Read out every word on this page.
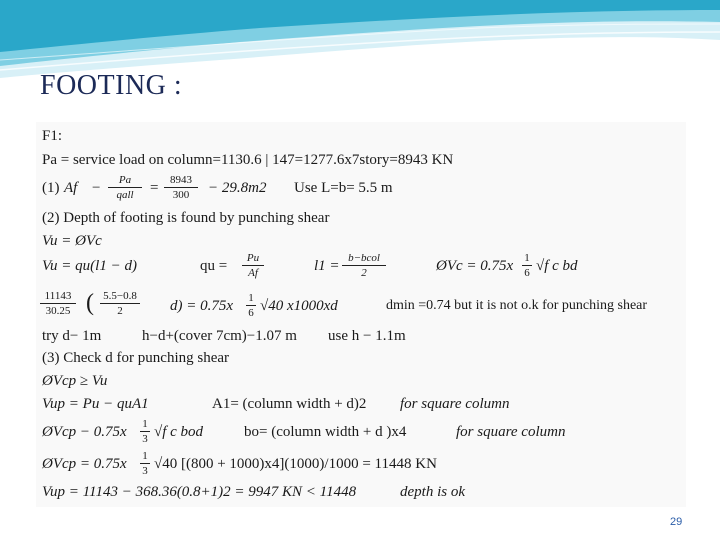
FOOTING :
F1:
Pa = service load on column=1130.6 | 147=1277.6x7story=8943 KN
(1) Af −	Pa
qall	=	8943
300	− 29.8m2 Use L=b= 5.5 m
(2) Depth of footing is found by punching shear
Vu = ØVc
Vu = qu(l1 − d)	qu =	Pu
Af	l1 = b−bcol
2	ØVc = 0.75x 1
6 √f c bd
11143
30.25 ( 5.5−0.8
2	d) = 0.75x 1
6 √40 x1000xd	dmin =0.74 but it is not o.k for punching shear
try d− 1m	h−d+(cover 7cm)−1.07 m use h − 1.1m
(3) Check d for punching shear
ØVcp ≥ Vu
Vup = Pu − quA1	A1= (column width + d)2 for square column
ØVcp − 0.75x 1
3 √f c bod	bo= (column width + d )x4	for square column
ØVcp = 0.75x 1
3 √40 [(800 + 1000)x4](1000)/1000 = 11448 KN
Vup = 11143 − 368.36(0.8+1)2 = 9947 KN < 11448	depth is ok
29
